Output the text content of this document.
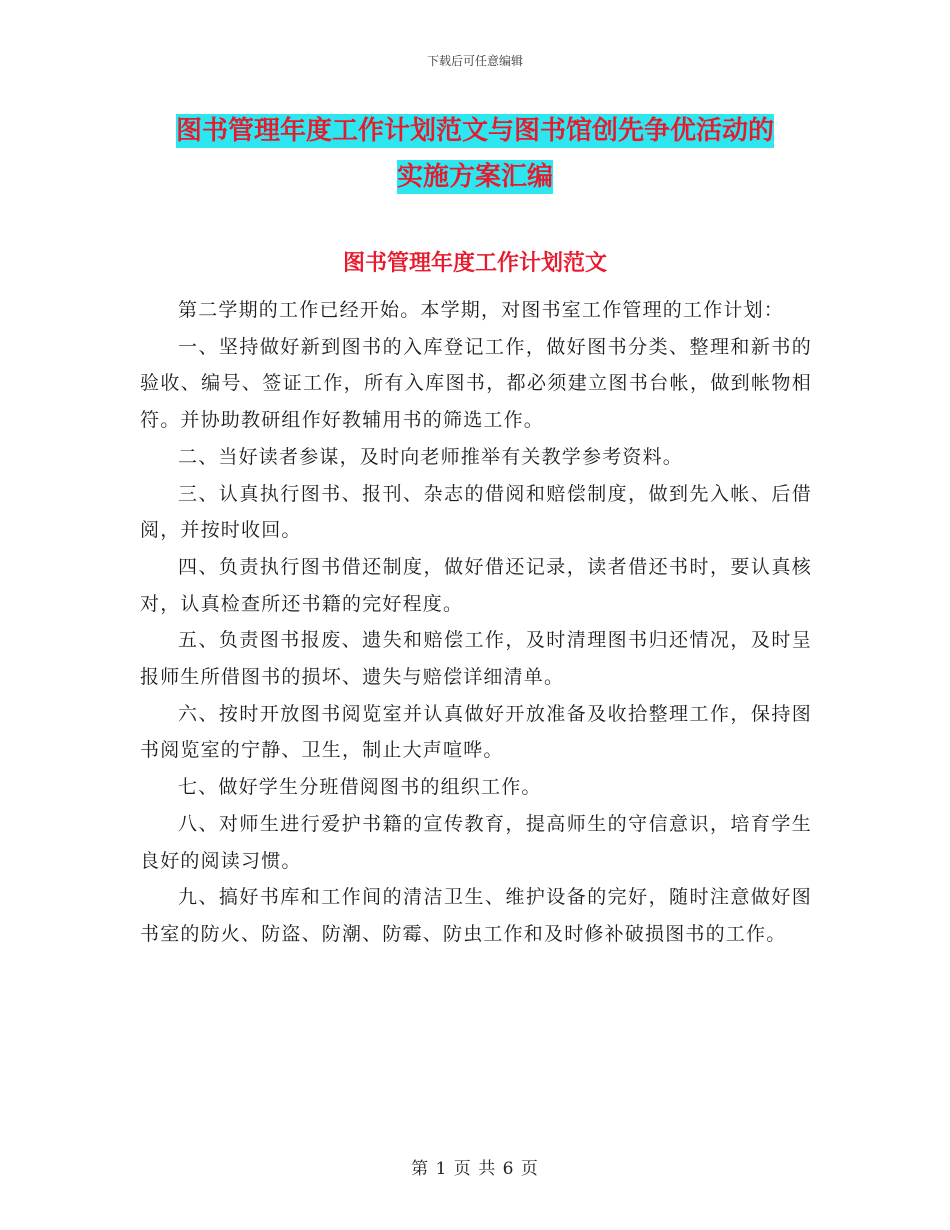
下载后可任意编辑
图书管理年度工作计划范文与图书馆创先争优活动的
实施方案汇编
图书管理年度工作计划范文

第二学期的工作已经开始。本学期，对图书室工作管理的工作计划：

一、坚持做好新到图书的入库登记工作，做好图书分类、整理和新书的验收、编号、签证工作，所有入库图书，都必须建立图书台帐，做到帐物相符。并协助教研组作好教辅用书的筛选工作。

二、当好读者参谋，及时向老师推举有关教学参考资料。

三、认真执行图书、报刊、杂志的借阅和赔偿制度，做到先入帐、后借阅，并按时收回。

四、负责执行图书借还制度，做好借还记录，读者借还书时，要认真核对，认真检查所还书籍的完好程度。

五、负责图书报废、遗失和赔偿工作，及时清理图书归还情况，及时呈报师生所借图书的损坏、遗失与赔偿详细清单。

六、按时开放图书阅览室并认真做好开放准备及收拾整理工作，保持图书阅览室的宁静、卫生，制止大声喧哗。

七、做好学生分班借阅图书的组织工作。

八、对师生进行爱护书籍的宣传教育，提高师生的守信意识，培育学生良好的阅读习惯。

九、搞好书库和工作间的清洁卫生、维护设备的完好，随时注意做好图书室的防火、防盗、防潮、防霉、防虫工作和及时修补破损图书的工作。

第 1 页 共 6 页
